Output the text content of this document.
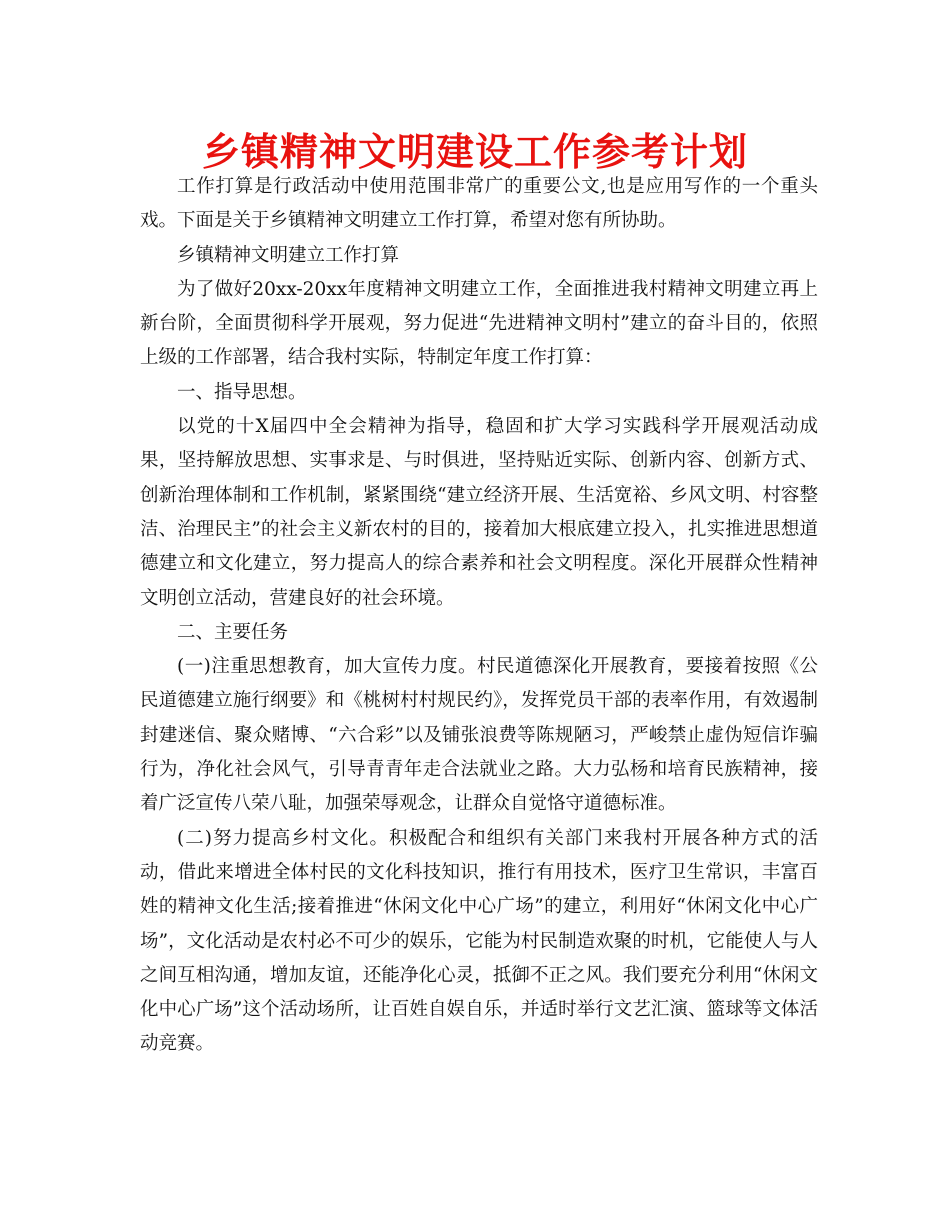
乡镇精神文明建设工作参考计划

工作打算是行政活动中使用范围非常广的重要公文,也是应用写作的一个重头戏。下面是关于乡镇精神文明建立工作打算，希望对您有所协助。

乡镇精神文明建立工作打算

为了做好20xx-20xx年度精神文明建立工作，全面推进我村精神文明建立再上新台阶，全面贯彻科学开展观，努力促进“先进精神文明村”建立的奋斗目的，依照上级的工作部署，结合我村实际，特制定年度工作打算：

一、指导思想。

以党的十X届四中全会精神为指导，稳固和扩大学习实践科学开展观活动成果，坚持解放思想、实事求是、与时俱进，坚持贴近实际、创新内容、创新方式、创新治理体制和工作机制，紧紧围绕“建立经济开展、生活宽裕、乡风文明、村容整洁、治理民主”的社会主义新农村的目的，接着加大根底建立投入，扎实推进思想道德建立和文化建立，努力提高人的综合素养和社会文明程度。深化开展群众性精神文明创立活动，营建良好的社会环境。

二、主要任务

(一)注重思想教育，加大宣传力度。村民道德深化开展教育，要接着按照《公民道德建立施行纲要》和《桃树村村规民约》，发挥党员干部的表率作用，有效遏制封建迷信、聚众赌博、“六合彩”以及铺张浪费等陈规陋习，严峻禁止虚伪短信诈骗行为，净化社会风气，引导青青年走合法就业之路。大力弘杨和培育民族精神，接着广泛宣传八荣八耻，加强荣辱观念，让群众自觉恪守道德标准。

(二)努力提高乡村文化。积极配合和组织有关部门来我村开展各种方式的活动，借此来增进全体村民的文化科技知识，推行有用技术，医疗卫生常识，丰富百姓的精神文化生活;接着推进“休闲文化中心广场”的建立，利用好“休闲文化中心广场”，文化活动是农村必不可少的娱乐，它能为村民制造欢聚的时机，它能使人与人之间互相沟通，增加友谊，还能净化心灵，抵御不正之风。我们要充分利用“休闲文化中心广场”这个活动场所，让百姓自娱自乐，并适时举行文艺汇演、篮球等文体活动竞赛。
